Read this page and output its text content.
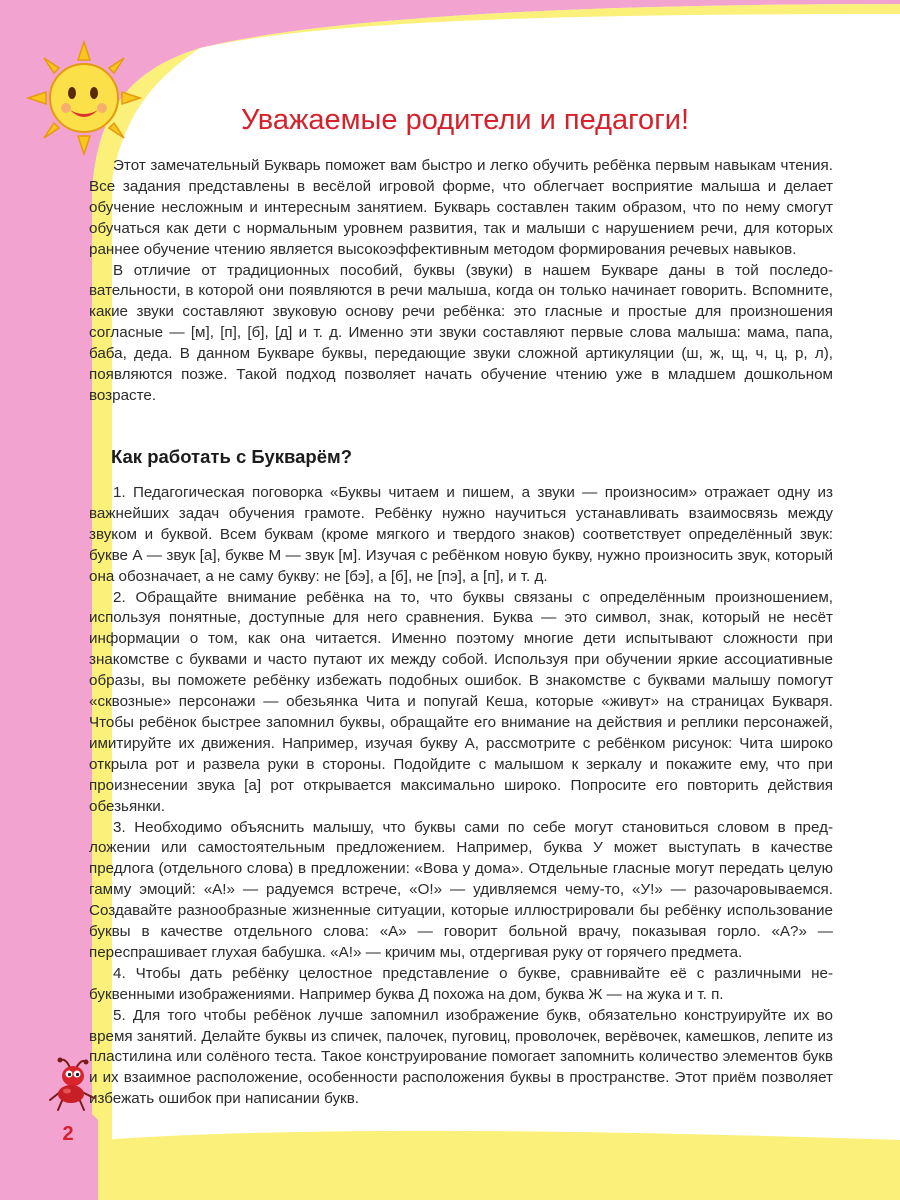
Уважаемые родители и педагоги!

Этот замечательный Букварь поможет вам быстро и легко обучить ребёнка первым навыкам чтения. Все задания представлены в весёлой игровой форме, что облегчает восприятие малыша и делает обучение несложным и интересным занятием. Букварь составлен таким образом, что по нему смогут обучаться как дети с нормальным уровнем развития, так и малыши с нарушением речи, для которых раннее обучение чтению является высокоэффективным методом формирования речевых навыков.

В отличие от традиционных пособий, буквы (звуки) в нашем Букваре даны в той последовательности, в которой они появляются в речи малыша, когда он только начинает говорить. Вспомните, какие звуки составляют звуковую основу речи ребёнка: это гласные и простые для произношения согласные — [м], [п], [б], [д] и т. д. Именно эти звуки составляют первые слова малыша: мама, папа, баба, деда. В данном Букваре буквы, передающие звуки сложной артикуляции (ш, ж, щ, ч, ц, р, л), появляются позже. Такой подход позволяет начать обучение чтению уже в младшем дошкольном возрасте.

Как работать с Букварём?

1. Педагогическая поговорка «Буквы читаем и пишем, а звуки — произносим» отражает одну из важнейших задач обучения грамоте. Ребёнку нужно научиться устанавливать взаимосвязь между звуком и буквой. Всем буквам (кроме мягкого и твердого знаков) соответствует определённый звук: букве А — звук [а], букве М — звук [м]. Изучая с ребёнком новую букву, нужно произносить звук, который она обозначает, а не саму букву: не [бэ], а [б], не [пэ], а [п], и т. д.

2. Обращайте внимание ребёнка на то, что буквы связаны с определённым произношением, используя понятные, доступные для него сравнения. Буква — это символ, знак, который не несёт информации о том, как она читается. Именно поэтому многие дети испытывают сложности при знакомстве с буквами и часто путают их между собой. Используя при обучении яркие ассоциативные образы, вы поможете ребёнку избежать подобных ошибок. В знакомстве с буквами малышу помогут «сквозные» персонажи — обезьянка Чита и попугай Кеша, которые «живут» на страницах Букваря. Чтобы ребёнок быстрее запомнил буквы, обращайте его внимание на действия и реплики персонажей, имитируйте их движения. Например, изучая букву А, рассмотрите с ребёнком рисунок: Чита широко открыла рот и развела руки в стороны. Подойдите с малышом к зеркалу и покажите ему, что при произнесении звука [а] рот открывается максимально широко. Попросите его повторить действия обезьянки.

3. Необходимо объяснить малышу, что буквы сами по себе могут становиться словом в предложении или самостоятельным предложением. Например, буква У может выступать в качестве предлога (отдельного слова) в предложении: «Вова у дома». Отдельные гласные могут передать целую гамму эмоций: «А!» — радуемся встрече, «О!» — удивляемся чему-то, «У!» — разочаровываемся. Создавайте разнообразные жизненные ситуации, которые иллюстрировали бы ребёнку использование буквы в качестве отдельного слова: «А» — говорит больной врачу, показывая горло. «А?» — переспрашивает глухая бабушка. «А!» — кричим мы, отдергивая руку от горячего предмета.

4. Чтобы дать ребёнку целостное представление о букве, сравнивайте её с различными небуквенными изображениями. Например буква Д похожа на дом, буква Ж — на жука и т. п.

5. Для того чтобы ребёнок лучше запомнил изображение букв, обязательно конструируйте их во время занятий. Делайте буквы из спичек, палочек, пуговиц, проволочек, верёвочек, камешков, лепите из пластилина или солёного теста. Такое конструирование помогает запомнить количество элементов букв и их взаимное расположение, особенности расположения буквы в пространстве. Этот приём позволяет избежать ошибок при написании букв.

2
